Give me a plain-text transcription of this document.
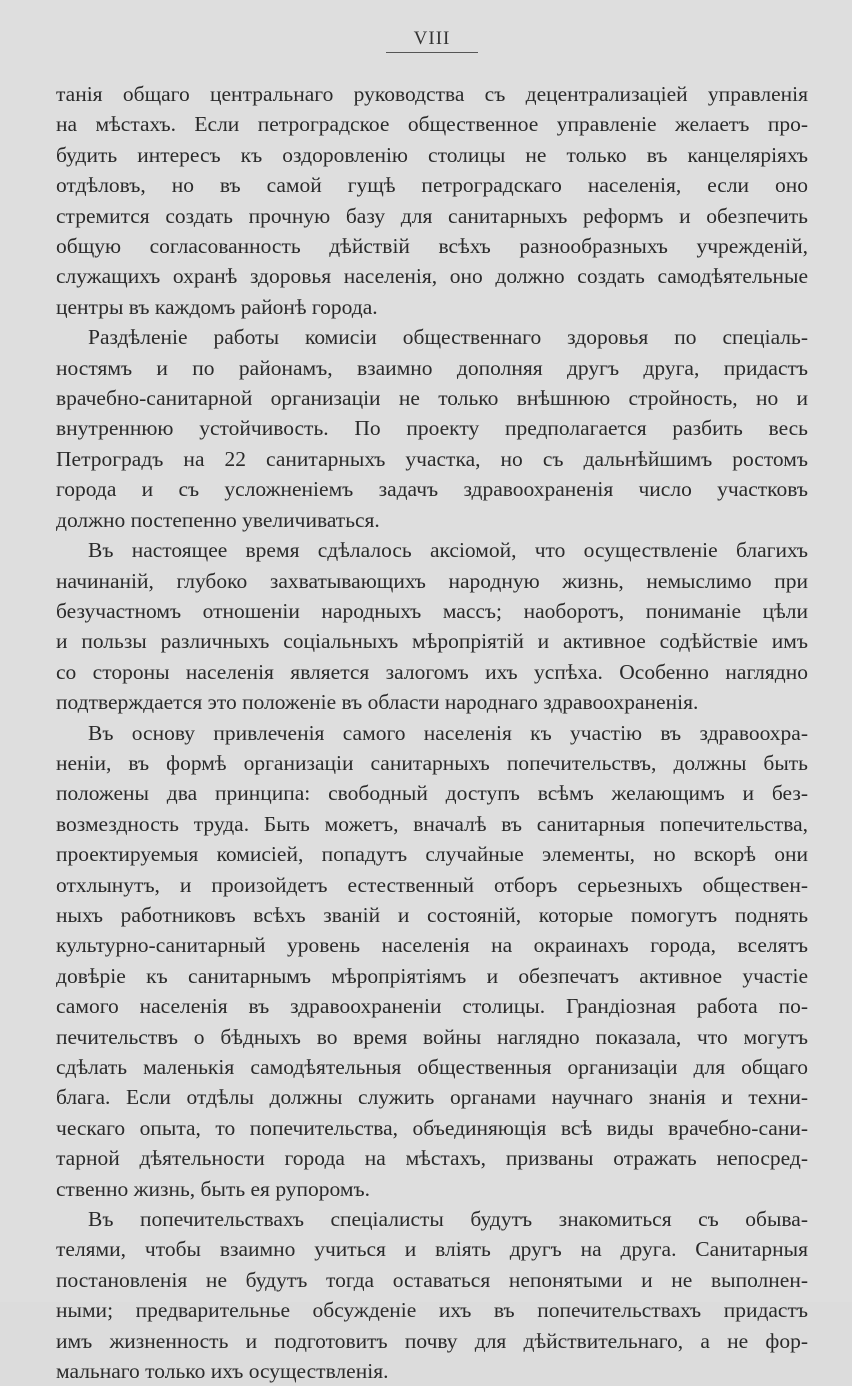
VIII

танія общаго центральнаго руководства съ децентрализаціей управленія
на мѣстахъ. Если петроградское общественное управленіе желаетъ про-
будить интересъ къ оздоровленію столицы не только въ канцеляріяхъ
отдѣловъ, но въ самой гущѣ петроградскаго населенія, если оно
стремится создать прочную базу для санитарныхъ реформъ и обезпечить
общую согласованность дѣйствій всѣхъ разнообразныхъ учрежденій,
служащихъ охранѣ здоровья населенія, оно должно создать самодѣятельные
центры въ каждомъ районѣ города.

Раздѣленіе работы комисіи общественнаго здоровья по спеціаль-
ностямъ и по районамъ, взаимно дополняя другъ друга, придастъ
врачебно-санитарной организаціи не только внѣшнюю стройность, но и
внутреннюю устойчивость. По проекту предполагается разбить весь
Петроградъ на 22 санитарныхъ участка, но съ дальнѣйшимъ ростомъ
города и съ усложненіемъ задачъ здравоохраненія число участковъ
должно постепенно увеличиваться.

Въ настоящее время сдѣлалось аксіомой, что осуществленіе благихъ
начинаній, глубоко захватывающихъ народную жизнь, немыслимо при
безучастномъ отношеніи народныхъ массъ; наоборотъ, пониманіе цѣли
и пользы различныхъ соціальныхъ мѣропріятій и активное содѣйствіе имъ
со стороны населенія является залогомъ ихъ успѣха. Особенно наглядно
подтверждается это положеніе въ области народнаго здравоохраненія.

Въ основу привлеченія самого населенія къ участію въ здравоохра-
неніи, въ формѣ организаціи санитарныхъ попечительствъ, должны быть
положены два принципа: свободный доступъ всѣмъ желающимъ и без-
возмездность труда. Быть можетъ, вначалѣ въ санитарныя попечительства,
проектируемыя комисіей, попадутъ случайные элементы, но вскорѣ они
отхлынутъ, и произойдетъ естественный отборъ серьезныхъ обществен-
ныхъ работниковъ всѣхъ званій и состояній, которые помогутъ поднять
культурно-санитарный уровень населенія на окраинахъ города, вселятъ
довѣріе къ санитарнымъ мѣропріятіямъ и обезпечатъ активное участіе
самого населенія въ здравоохраненіи столицы. Грандіозная работа по-
печительствъ о бѣдныхъ во время войны наглядно показала, что могутъ
сдѣлать маленькія самодѣятельныя общественныя организаціи для общаго
блага. Если отдѣлы должны служить органами научнаго знанія и техни-
ческаго опыта, то попечительства, объединяющія всѣ виды врачебно-сани-
тарной дѣятельности города на мѣстахъ, призваны отражать непосред-
ственно жизнь, быть ея рупоромъ.

Въ попечительствахъ спеціалисты будутъ знакомиться съ обыва-
телями, чтобы взаимно учиться и вліять другъ на друга. Санитарныя
постановленія не будутъ тогда оставаться непонятыми и не выполнен-
ными; предварительнье обсужденіе ихъ въ попечительствахъ придастъ
имъ жизненность и подготовитъ почву для дѣйствительнаго, а не фор-
мальнаго только ихъ осуществленія.
